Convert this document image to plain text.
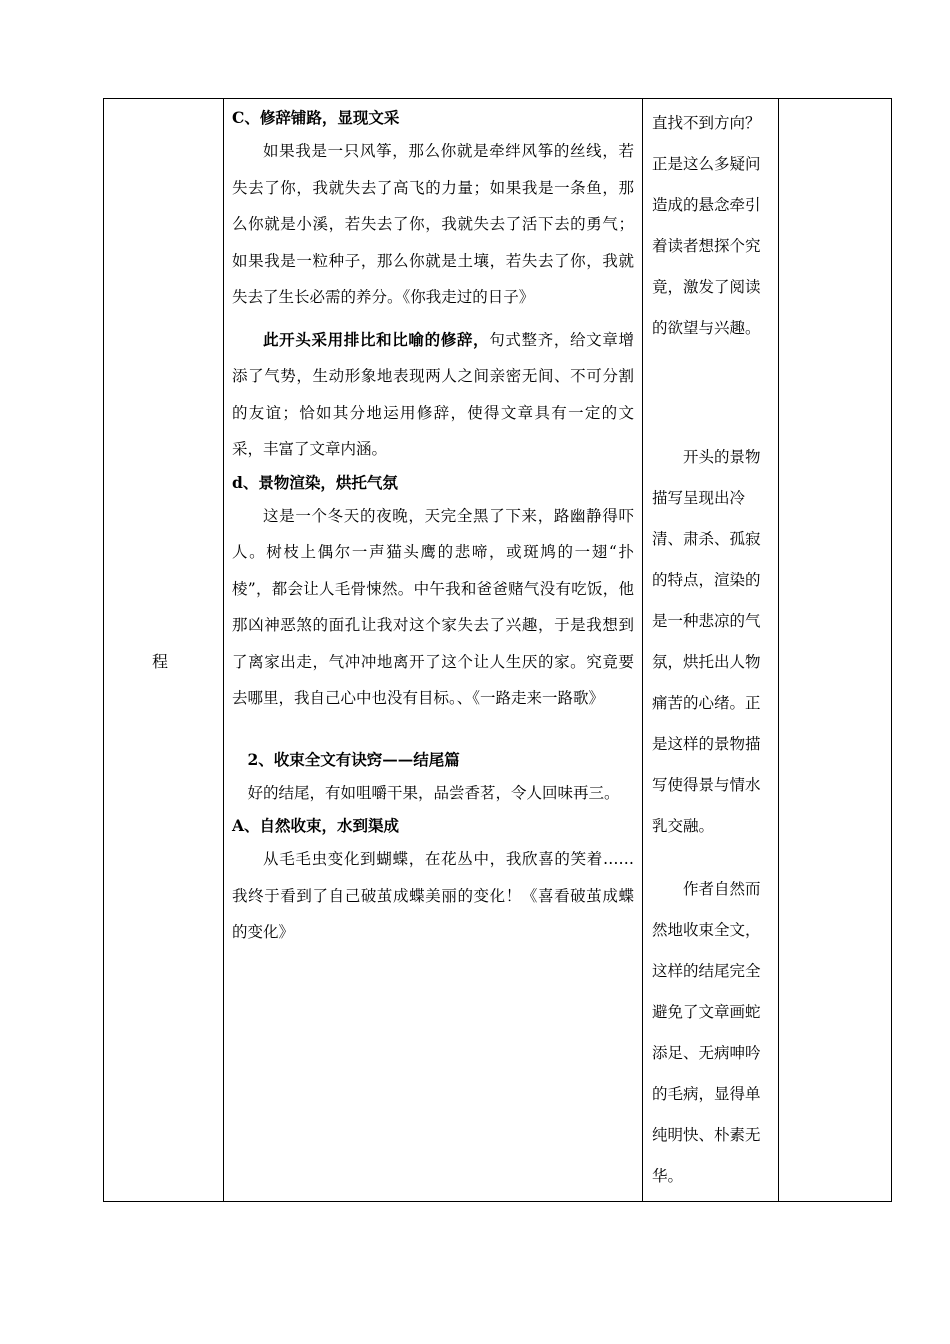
程

C、修辞铺路，显现文采

如果我是一只风筝，那么你就是牵绊风筝的丝线，若失去了你，我就失去了高飞的力量；如果我是一条鱼，那么你就是小溪，若失去了你，我就失去了活下去的勇气；如果我是一粒种子，那么你就是土壤，若失去了你，我就失去了生长必需的养分。《你我走过的日子》

此开头采用排比和比喻的修辞，句式整齐，给文章增添了气势，生动形象地表现两人之间亲密无间、不可分割的友谊；恰如其分地运用修辞，使得文章具有一定的文采，丰富了文章内涵。

d、景物渲染，烘托气氛

这是一个冬天的夜晚，天完全黑了下来，路幽静得吓人。树枝上偶尔一声猫头鹰的悲啼，或斑鸠的一翅“扑棱”，都会让人毛骨悚然。中午我和爸爸赌气没有吃饭，他那凶神恶煞的面孔让我对这个家失去了兴趣，于是我想到了离家出走，气冲冲地离开了这个让人生厌的家。究竟要去哪里，我自己心中也没有目标。、《一路走来一路歌》

2、收束全文有诀窍——结尾篇

好的结尾，有如咀嚼干果，品尝香茗，令人回味再三。

A、自然收束，水到渠成

从毛毛虫变化到蝴蝶，在花丛中，我欣喜的笑着……我终于看到了自己破茧成蝶美丽的变化！《喜看破茧成蝶的变化》

直找不到方向？正是这么多疑问造成的悬念牵引着读者想探个究竟，激发了阅读的欲望与兴趣。

开头的景物描写呈现出冷清、肃杀、孤寂的特点，渲染的是一种悲凉的气氛，烘托出人物痛苦的心绪。正是这样的景物描写使得景与情水乳交融。

作者自然而然地收束全文，这样的结尾完全避免了文章画蛇添足、无病呻吟的毛病，显得单纯明快、朴素无华。
